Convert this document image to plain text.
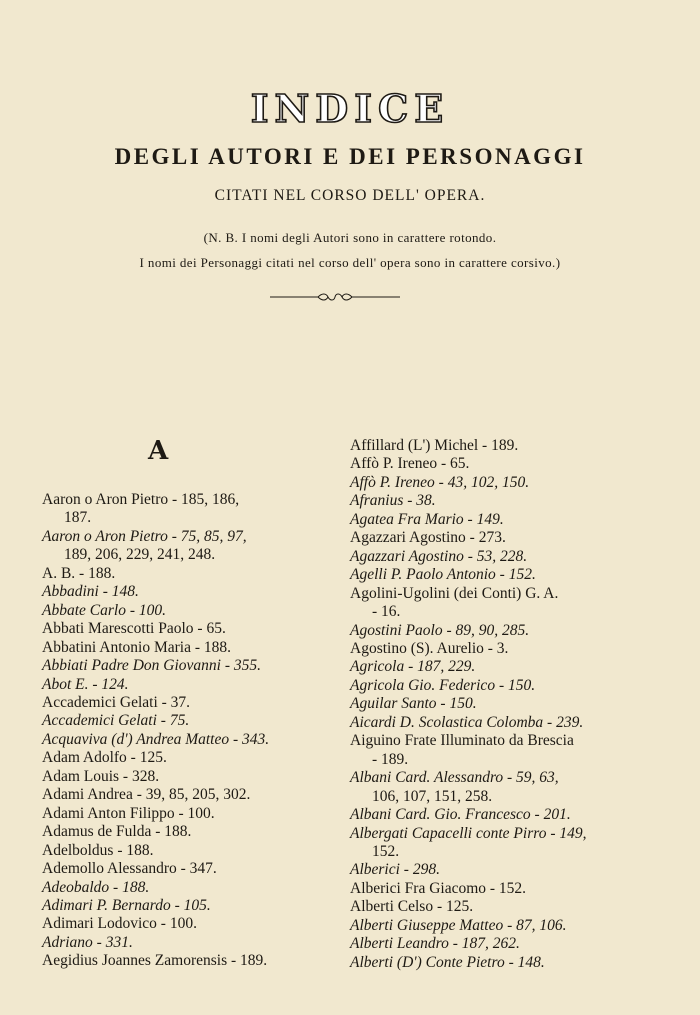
INDICE
DEGLI AUTORI E DEI PERSONAGGI
CITATI NEL CORSO DELL' OPERA.
(N. B. I nomi degli Autori sono in carattere rotondo.
I nomi dei Personaggi citati nel corso dell' opera sono in carattere corsivo.)
A
Aaron o Aron Pietro - 185, 186,
187.
Aaron o Aron Pietro - 75, 85, 97,
189, 206, 229, 241, 248.
A. B. - 188.
Abbadini - 148.
Abbate Carlo - 100.
Abbati Marescotti Paolo - 65.
Abbatini Antonio Maria - 188.
Abbiati Padre Don Giovanni - 355.
Abot E. - 124.
Accademici Gelati - 37.
Accademici Gelati - 75.
Acquaviva (d') Andrea Matteo - 343.
Adam Adolfo - 125.
Adam Louis - 328.
Adami Andrea - 39, 85, 205, 302.
Adami Anton Filippo - 100.
Adamus de Fulda - 188.
Adelboldus - 188.
Ademollo Alessandro - 347.
Adeobaldo - 188.
Adimari P. Bernardo - 105.
Adimari Lodovico - 100.
Adriano - 331.
Aegidius Joannes Zamorensis - 189.
Affillard (L') Michel - 189.
Affò P. Ireneo - 65.
Affò P. Ireneo - 43, 102, 150.
Afranius - 38.
Agatea Fra Mario - 149.
Agazzari Agostino - 273.
Agazzari Agostino - 53, 228.
Agelli P. Paolo Antonio - 152.
Agolini-Ugolini (dei Conti) G. A.
- 16.
Agostini Paolo - 89, 90, 285.
Agostino (S). Aurelio - 3.
Agricola - 187, 229.
Agricola Gio. Federico - 150.
Aguilar Santo - 150.
Aicardi D. Scolastica Colomba - 239.
Aiguino Frate Illuminato da Brescia
- 189.
Albani Card. Alessandro - 59, 63,
106, 107, 151, 258.
Albani Card. Gio. Francesco - 201.
Albergati Capacelli conte Pirro - 149,
152.
Alberici - 298.
Alberici Fra Giacomo - 152.
Alberti Celso - 125.
Alberti Giuseppe Matteo - 87, 106.
Alberti Leandro - 187, 262.
Alberti (D') Conte Pietro - 148.
